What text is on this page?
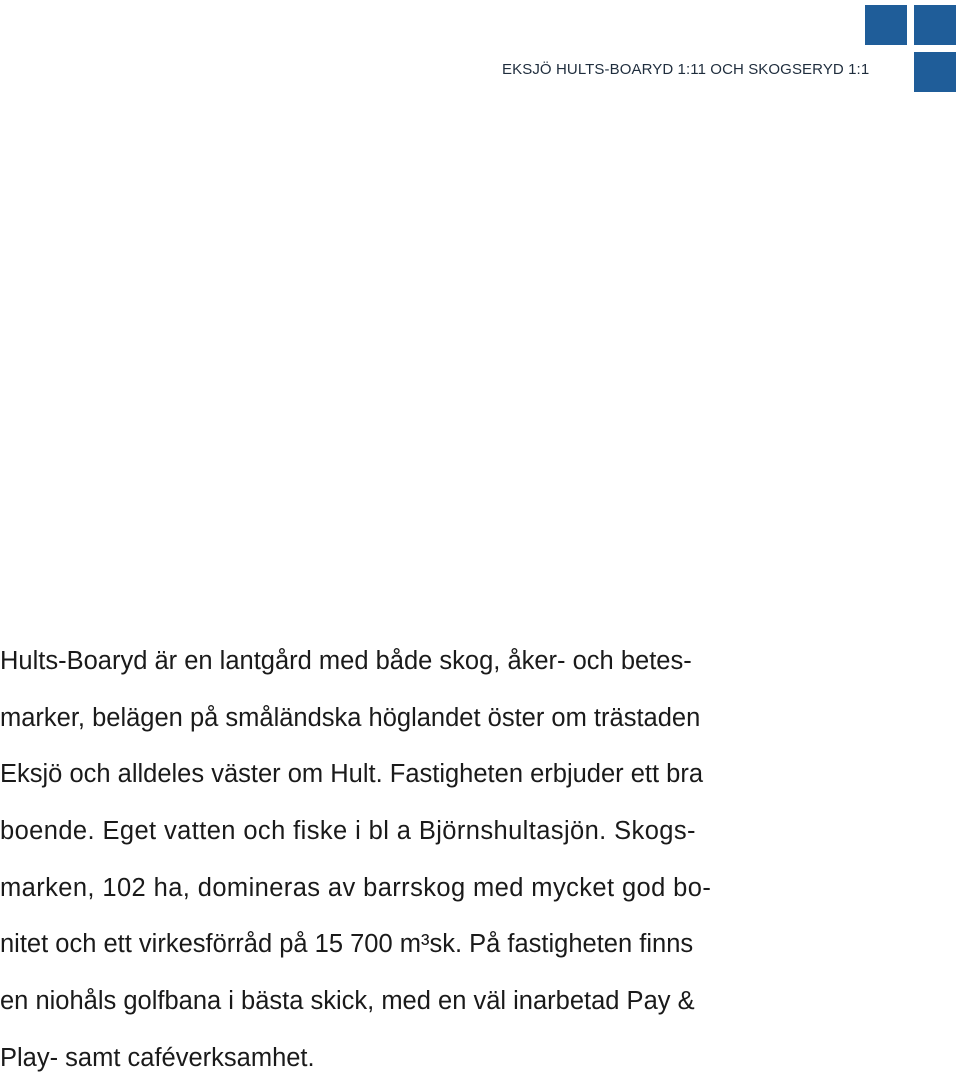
EKSJÖ HULTS-BOARYD 1:11 OCH SKOGSERYD 1:1
Hults-Boaryd är en lantgård med både skog, åker- och betes-
marker, belägen på småländska höglandet öster om trästaden
Eksjö och alldeles väster om Hult. Fastigheten erbjuder ett bra
boende. Eget vatten och fiske i bl a Björnshultasjön. Skogs-
marken, 102 ha, domineras av barrskog med mycket god bo-
nitet och ett virkesförråd på 15 700 m³sk. På fastigheten finns
en niohåls golfbana i bästa skick, med en väl inarbetad Pay &
Play- samt caféverksamhet.
